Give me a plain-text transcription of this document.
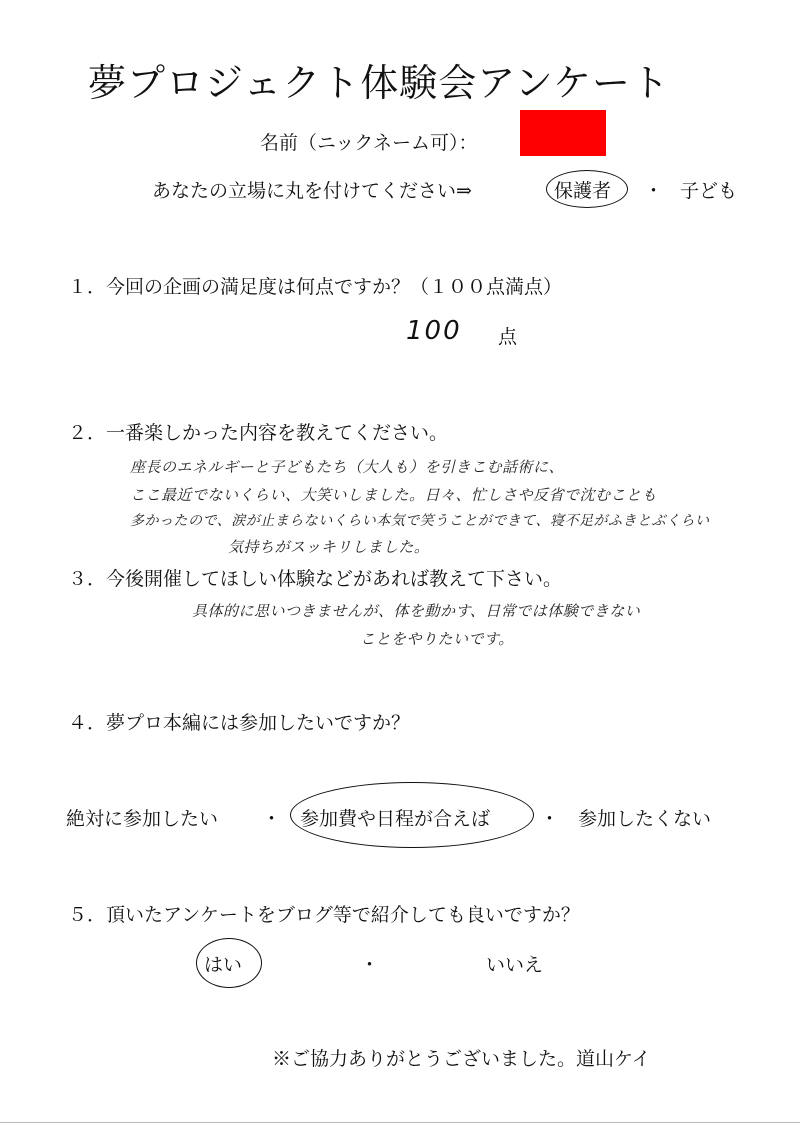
夢プロジェクト体験会アンケート
名前（ニックネーム可）：
あなたの立場に丸を付けてください⇒	保護者 ・ 子ども
１．今回の企画の満足度は何点ですか？（１００点満点）
100 点
２．一番楽しかった内容を教えてください。
座長のエネルギーと子どもたち（大人も）を引きこむ話術に、
ここ最近でないくらい、大笑いしました。日々、忙しさや反省で沈むことも
多かったので、涙が止まらないくらい本気で笑うことができて、寝不足がふきとぶくらい
気持ちがスッキリしました。
３．今後開催してほしい体験などがあれば教えて下さい。
具体的に思いつきませんが、体を動かす、日常では体験できない
ことをやりたいです。
４．夢プロ本編には参加したいですか？
絶対に参加したい ・ 参加費や日程が合えば	・ 参加したくない
５．頂いたアンケートをブログ等で紹介しても良いですか？
はい	・	いいえ
※ご協力ありがとうございました。道山ケイ
